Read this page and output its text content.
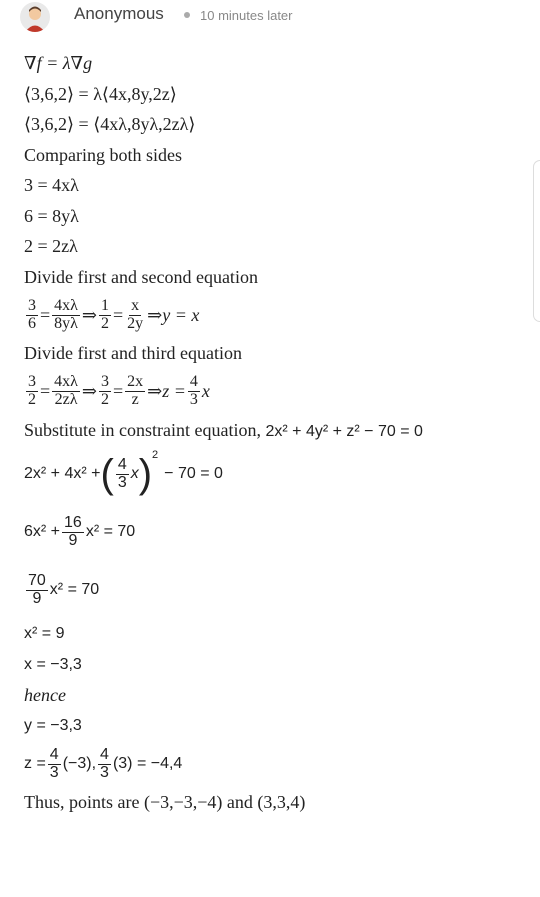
Anonymous	10 minutes later
∇f = λ∇g
⟨3,6,2⟩ = λ⟨4x,8y,2z⟩
⟨3,6,2⟩ = ⟨4xλ,8yλ,2zλ⟩
Comparing both sides
3 = 4xλ
6 = 8yλ
2 = 2zλ
Divide first and second equation
$\frac{3}{6} = \frac{4x\lambda}{8y\lambda}$ ⇒ $\frac{1}{2} = \frac{x}{2y}$ ⇒ y = x
Divide first and third equation
$\frac{3}{2} = \frac{4x\lambda}{2z\lambda}$ ⇒ $\frac{3}{2} = \frac{2x}{z}$ ⇒ $z = \frac{4}{3}$ x
Substitute in constraint equation, 2x² + 4y² + z² − 70 = 0
2x² + 4x² + ( $\frac{4}{3}$ x )$^2$
− 70 = 0
$6x^2 + \frac{16}{9} x^2 = 70$
$\frac{70}{9} x^2 = 70$
x² = 9
x = −3,3
hence
y = −3,3
$z = \frac{4}{3} (-3)$, $\frac{4}{3} (3) = -4,4$
Thus, points are (−3,−3,−4) and (3,3,4)
